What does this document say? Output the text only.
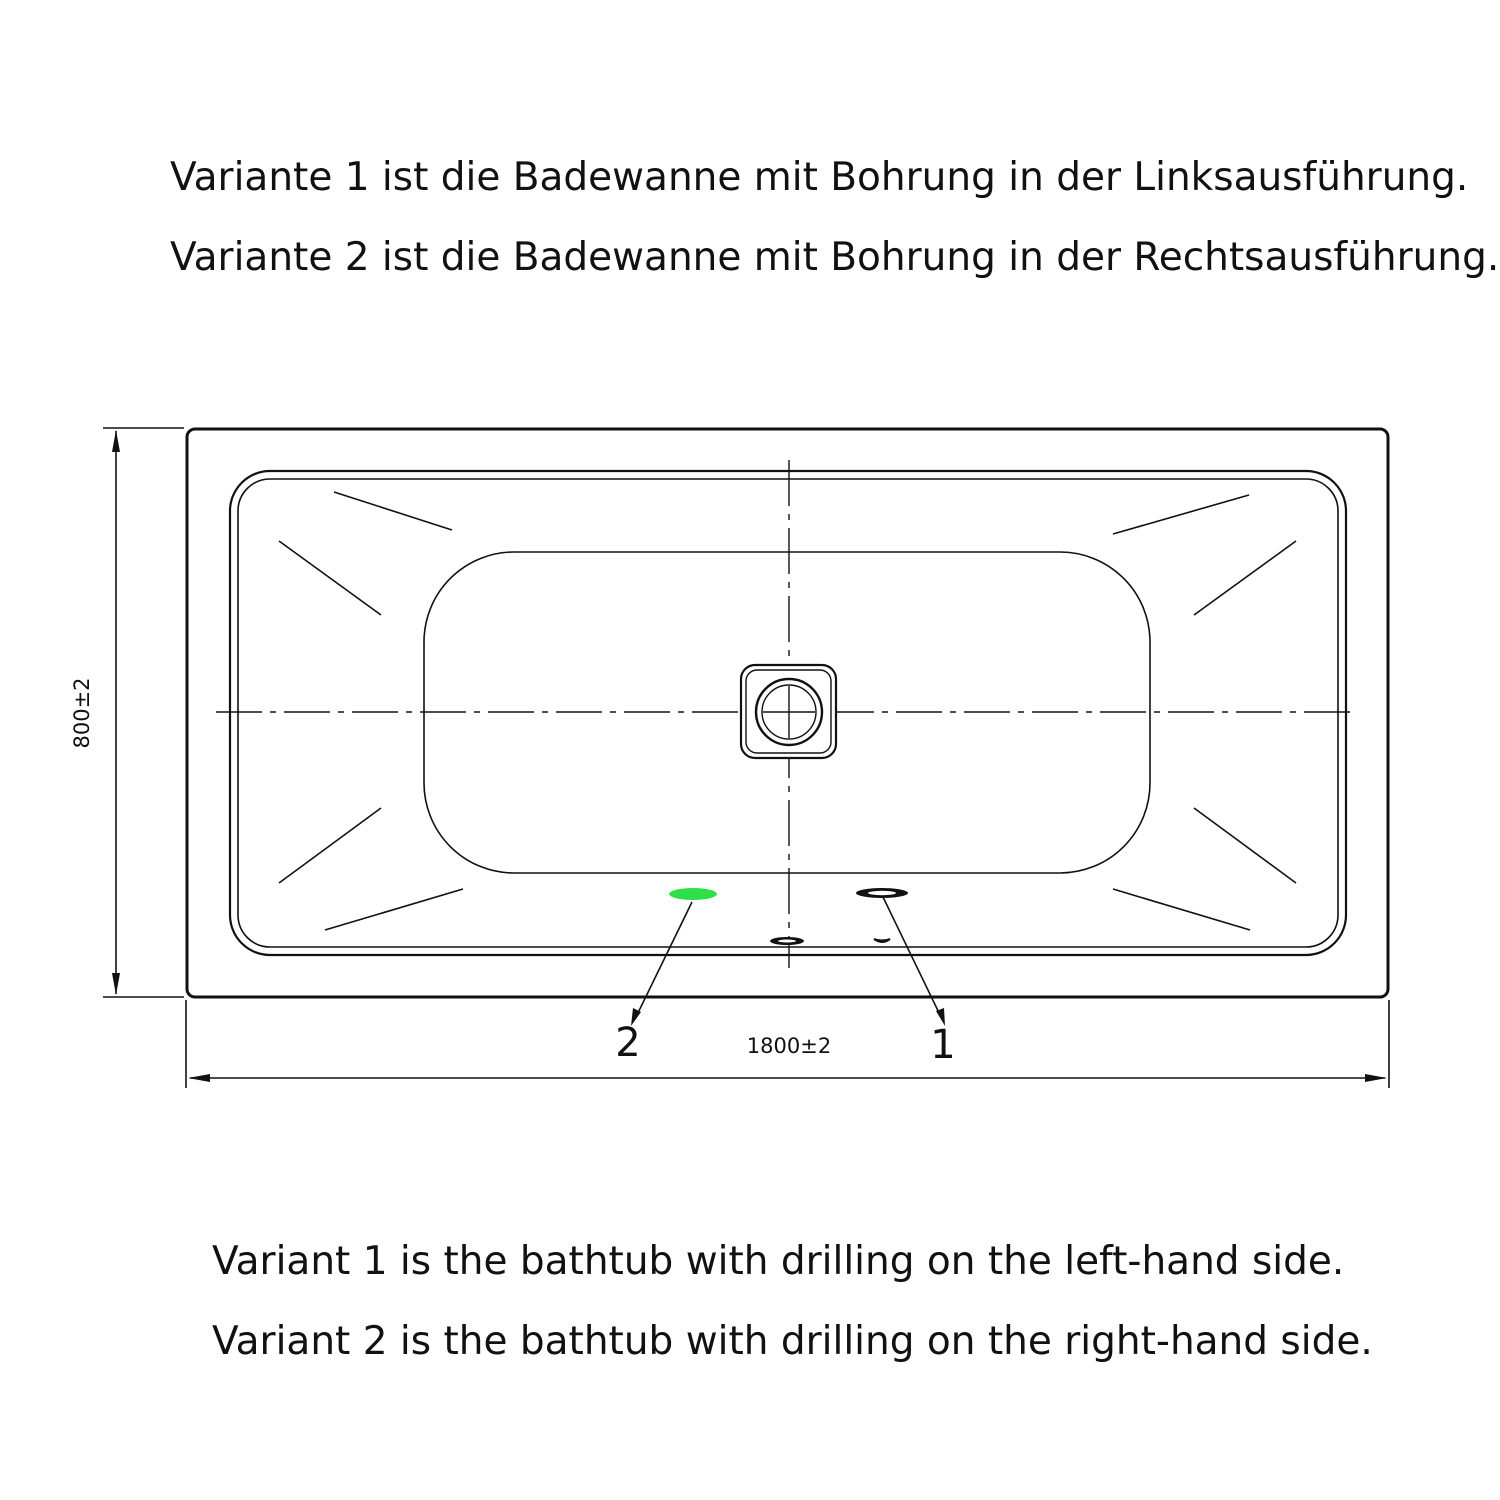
Variante 1 ist die Badewanne mit Bohrung in der Linksausführung.

Variante 2 ist die Badewanne mit Bohrung in der Rechtsausführung.

2	1
1800±2
800±2

Variant 1 is the bathtub with drilling on the left-hand side.

Variant 2 is the bathtub with drilling on the right-hand side.
